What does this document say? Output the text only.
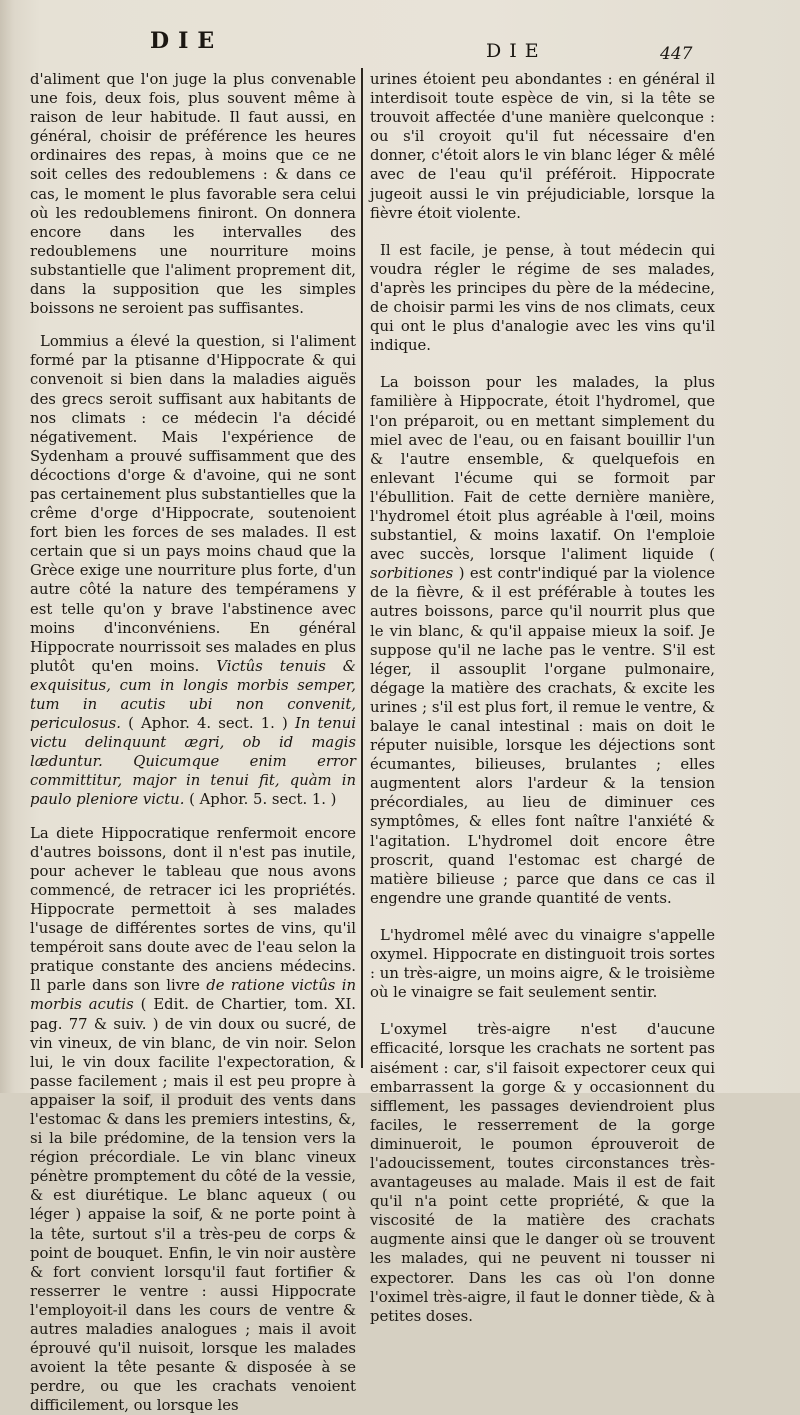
DIE	DIE	447

d'aliment que l'on juge la plus convenable une fois, deux fois, plus souvent même à raison de leur habitude. Il faut aussi, en général, choisir de préférence les heures ordinaires des repas, à moins que ce ne soit celles des redoublemens : & dans ce cas, le moment le plus favorable sera celui où les redoublemens finiront. On donnera encore dans les intervalles des redoublemens une nourriture moins substantielle que l'aliment proprement dit, dans la supposition que les simples boissons ne seroient pas suffisantes.

Lommius a élevé la question, si l'aliment formé par la ptisanne d'Hippocrate & qui convenoit si bien dans la maladies aiguës des grecs seroit suffisant aux habitants de nos climats : ce médecin l'a décidé négativement. Mais l'expérience de Sydenham a prouvé suffisamment que des décoctions d'orge & d'avoine, qui ne sont pas certainement plus substantielles que la crême d'orge d'Hippocrate, soutenoient fort bien les forces de ses malades. Il est certain que si un pays moins chaud que la Grèce exige une nourriture plus forte, d'un autre côté la nature des tempéramens y est telle qu'on y brave l'abstinence avec moins d'inconvéniens. En général Hippocrate nourrissoit ses malades en plus plutôt qu'en moins. Victûs tenuis & exquisitus, cum in longis morbis semper, tum in acutis ubi non convenit, periculosus. ( Aphor. 4. sect. 1. ) In tenui victu delinquunt ægri, ob id magis læduntur. Quicumque enim error committitur, major in tenui fit, quàm in paulo pleniore victu. ( Aphor. 5. sect. 1. )

La diete Hippocratique renfermoit encore d'autres boissons, dont il n'est pas inutile, pour achever le tableau que nous avons commencé, de retracer ici les propriétés. Hippocrate permettoit à ses malades l'usage de différentes sortes de vins, qu'il tempéroit sans doute avec de l'eau selon la pratique constante des anciens médecins. Il parle dans son livre de ratione victûs in morbis acutis ( Edit. de Chartier, tom. XI. pag. 77 & suiv. ) de vin doux ou sucré, de vin vineux, de vin blanc, de vin noir. Selon lui, le vin doux facilite l'expectoration, & passe facilement ; mais il est peu propre à appaiser la soif, il produit des vents dans l'estomac & dans les premiers intestins, &, si la bile prédomine, de la tension vers la région précordiale. Le vin blanc vineux pénètre promptement du côté de la vessie, & est diurétique. Le blanc aqueux ( ou léger ) appaise la soif, & ne porte point à la tête, surtout s'il a très-peu de corps & point de bouquet. Enfin, le vin noir austère & fort convient lorsqu'il faut fortifier & resserrer le ventre : aussi Hippocrate l'employoit-il dans les cours de ventre & autres maladies analogues ; mais il avoit éprouvé qu'il nuisoit, lorsque les malades avoient la tête pesante & disposée à se perdre, ou que les crachats venoient difficilement, ou lorsque les

urines étoient peu abondantes : en général il interdisoit toute espèce de vin, si la tête se trouvoit affectée d'une manière quelconque : ou s'il croyoit qu'il fut nécessaire d'en donner, c'étoit alors le vin blanc léger & mêlé avec de l'eau qu'il préféroit. Hippocrate jugeoit aussi le vin préjudiciable, lorsque la fièvre étoit violente.

Il est facile, je pense, à tout médecin qui voudra régler le régime de ses malades, d'après les principes du père de la médecine, de choisir parmi les vins de nos climats, ceux qui ont le plus d'analogie avec les vins qu'il indique.

La boisson pour les malades, la plus familière à Hippocrate, étoit l'hydromel, que l'on préparoit, ou en mettant simplement du miel avec de l'eau, ou en faisant bouillir l'un & l'autre ensemble, & quelquefois en enlevant l'écume qui se formoit par l'ébullition. Fait de cette dernière manière, l'hydromel étoit plus agréable à l'œil, moins substantiel, & moins laxatif. On l'emploie avec succès, lorsque l'aliment liquide ( sorbitiones ) est contr'indiqué par la violence de la fièvre, & il est préférable à toutes les autres boissons, parce qu'il nourrit plus que le vin blanc, & qu'il appaise mieux la soif. Je suppose qu'il ne lache pas le ventre. S'il est léger, il assouplit l'organe pulmonaire, dégage la matière des crachats, & excite les urines ; s'il est plus fort, il remue le ventre, & balaye le canal intestinal : mais on doit le réputer nuisible, lorsque les déjections sont écumantes, bilieuses, brulantes ; elles augmentent alors l'ardeur & la tension précordiales, au lieu de diminuer ces symptômes, & elles font naître l'anxiété & l'agitation. L'hydromel doit encore être proscrit, quand l'estomac est chargé de matière bilieuse ; parce que dans ce cas il engendre une grande quantité de vents.

L'hydromel mêlé avec du vinaigre s'appelle oxymel. Hippocrate en distinguoit trois sortes : un très-aigre, un moins aigre, & le troisième où le vinaigre se fait seulement sentir.

L'oxymel très-aigre n'est d'aucune efficacité, lorsque les crachats ne sortent pas aisément : car, s'il faisoit expectorer ceux qui embarrassent la gorge & y occasionnent du sifflement, les passages deviendroient plus faciles, le resserrement de la gorge diminueroit, le poumon éprouveroit de l'adoucissement, toutes circonstances très-avantageuses au malade. Mais il est de fait qu'il n'a point cette propriété, & que la viscosité de la matière des crachats augmente ainsi que le danger où se trouvent les malades, qui ne peuvent ni tousser ni expectorer. Dans les cas où l'on donne l'oximel très-aigre, il faut le donner tiède, & à petites doses.
